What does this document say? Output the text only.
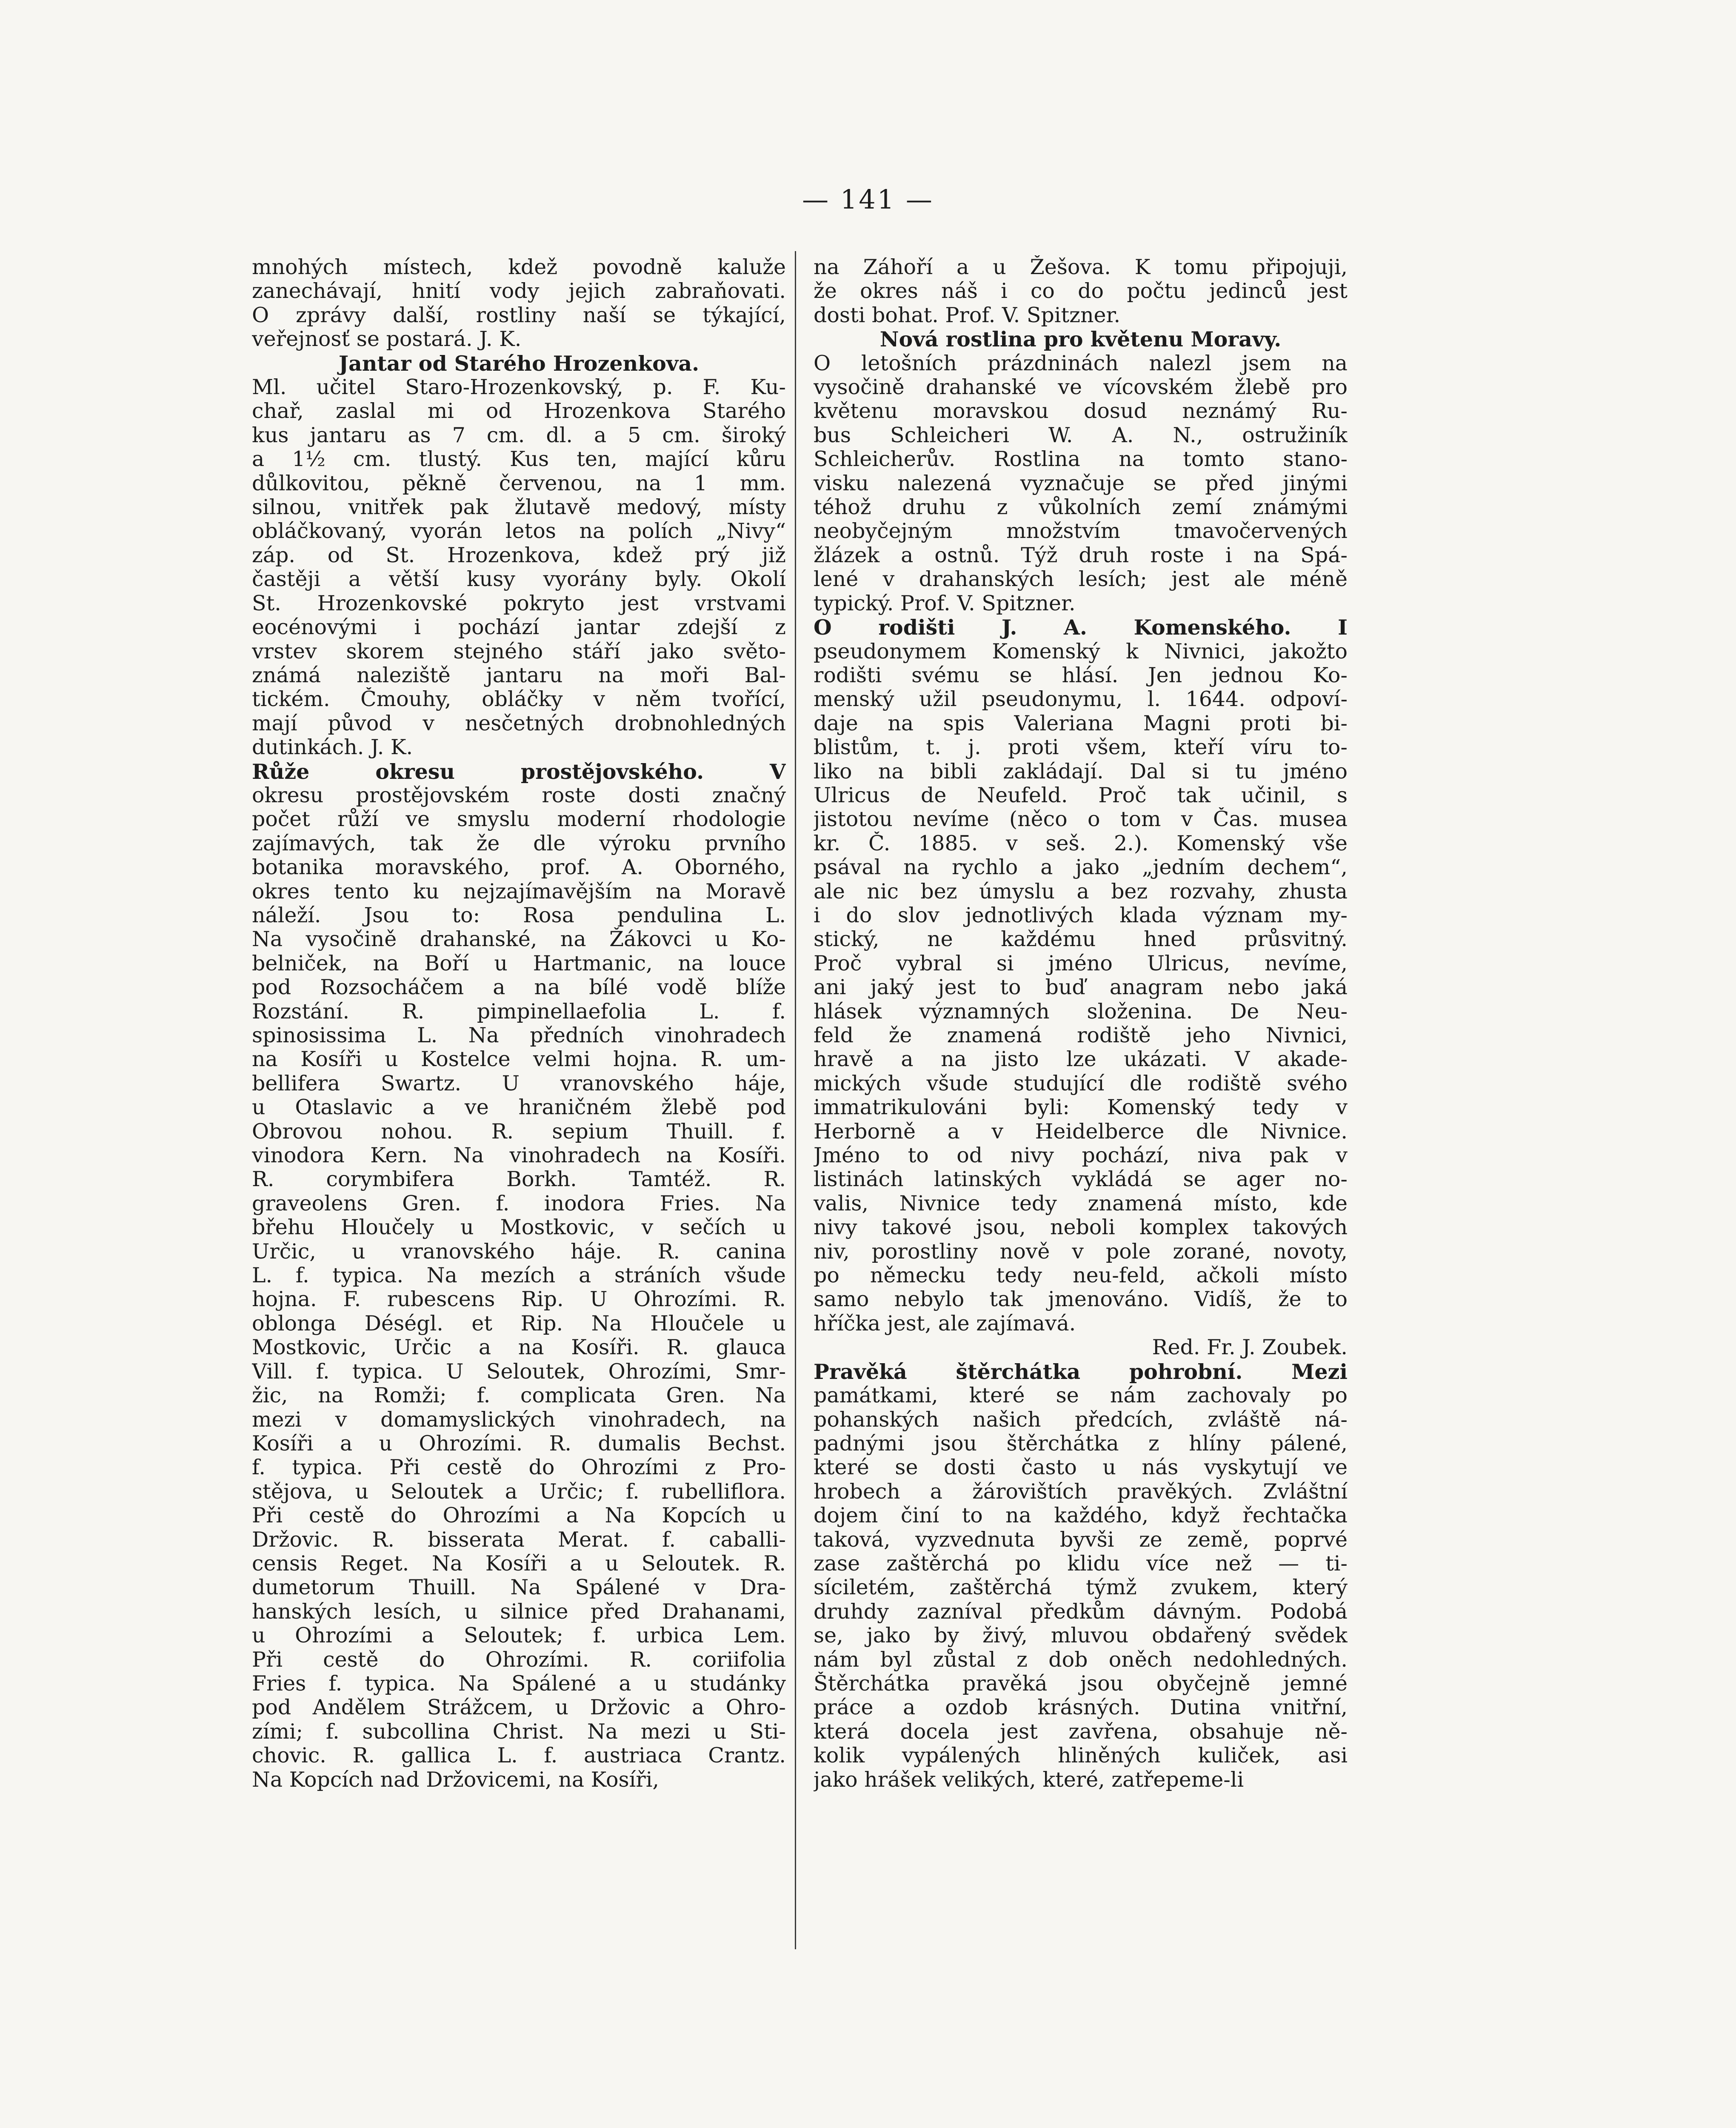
— 141 —
mnohých místech, kdež povodně kaluže
zanechávají, hnití vody jejich zabraňovati.
O zprávy další, rostliny naší se týkající,
veřejnosť se postará. J. K.
Jantar od Starého Hrozenkova.
Ml. učitel Staro-Hrozenkovský, p. F. Ku-
chař, zaslal mi od Hrozenkova Starého
kus jantaru as 7 cm. dl. a 5 cm. široký
a 1½ cm. tlustý. Kus ten, mající kůru
důlkovitou, pěkně červenou, na 1 mm.
silnou, vnitřek pak žlutavě medový, místy
obláčkovaný, vyorán letos na polích „Nivy“
záp. od St. Hrozenkova, kdež prý již
častěji a větší kusy vyorány byly. Okolí
St. Hrozenkovské pokryto jest vrstvami
eocénovými i pochází jantar zdejší z
vrstev skorem stejného stáří jako světo-
známá naleziště jantaru na moři Bal-
tickém. Čmouhy, obláčky v něm tvořící,
mají původ v nesčetných drobnohledných
dutinkách. J. K.
Růže okresu prostějovského. V
okresu prostějovském roste dosti značný
počet růží ve smyslu moderní rhodologie
zajímavých, tak že dle výroku prvního
botanika moravského, prof. A. Oborného,
okres tento ku nejzajímavějším na Moravě
náleží. Jsou to: Rosa pendulina L.
Na vysočině drahanské, na Žákovci u Ko-
belniček, na Boří u Hartmanic, na louce
pod Rozsocháčem a na bílé vodě blíže
Rozstání. R. pimpinellaefolia L. f.
spinosissima L. Na předních vinohradech
na Kosíři u Kostelce velmi hojna. R. um-
bellifera Swartz. U vranovského háje,
u Otaslavic a ve hraničném žlebě pod
Obrovou nohou. R. sepium Thuill. f.
vinodora Kern. Na vinohradech na Kosíři.
R. corymbifera Borkh. Tamtéž. R.
graveolens Gren. f. inodora Fries. Na
břehu Hloučely u Mostkovic, v sečích u
Určic, u vranovského háje. R. canina
L. f. typica. Na mezích a stráních všude
hojna. F. rubescens Rip. U Ohrozími. R.
oblonga Déségl. et Rip. Na Hloučele u
Mostkovic, Určic a na Kosíři. R. glauca
Vill. f. typica. U Seloutek, Ohrozími, Smr-
žic, na Romži; f. complicata Gren. Na
mezi v domamyslických vinohradech, na
Kosíři a u Ohrozími. R. dumalis Bechst.
f. typica. Při cestě do Ohrozími z Pro-
stějova, u Seloutek a Určic; f. rubelliflora.
Při cestě do Ohrozími a Na Kopcích u
Držovic. R. bisserata Merat. f. caballi-
censis Reget. Na Kosíři a u Seloutek. R.
dumetorum Thuill. Na Spálené v Dra-
hanských lesích, u silnice před Drahanami,
u Ohrozími a Seloutek; f. urbica Lem.
Při cestě do Ohrozími. R. coriifolia
Fries f. typica. Na Spálené a u studánky
pod Andělem Strážcem, u Držovic a Ohro-
zími; f. subcollina Christ. Na mezi u Sti-
chovic. R. gallica L. f. austriaca Crantz.
Na Kopcích nad Držovicemi, na Kosíři,
na Záhoří a u Žešova. K tomu připojuji,
že okres náš i co do počtu jedinců jest
dosti bohat. Prof. V. Spitzner.
Nová rostlina pro květenu Moravy.
O letošních prázdninách nalezl jsem na
vysočině drahanské ve vícovském žlebě pro
květenu moravskou dosud neznámý Ru-
bus Schleicheri W. A. N., ostružiník
Schleicherův. Rostlina na tomto stano-
visku nalezená vyznačuje se před jinými
téhož druhu z vůkolních zemí známými
neobyčejným množstvím tmavočervených
žlázek a ostnů. Týž druh roste i na Spá-
lené v drahanských lesích; jest ale méně
typický. Prof. V. Spitzner.
O rodišti J. A. Komenského. I
pseudonymem Komenský k Nivnici, jakožto
rodišti svému se hlásí. Jen jednou Ko-
menský užil pseudonymu, l. 1644. odpoví-
daje na spis Valeriana Magni proti bi-
blistům, t. j. proti všem, kteří víru to-
liko na bibli zakládají. Dal si tu jméno
Ulricus de Neufeld. Proč tak učinil, s
jistotou nevíme (něco o tom v Čas. musea
kr. Č. 1885. v seš. 2.). Komenský vše
psával na rychlo a jako „jedním dechem“,
ale nic bez úmyslu a bez rozvahy, zhusta
i do slov jednotlivých klada význam my-
stický, ne každému hned průsvitný.
Proč vybral si jméno Ulricus, nevíme,
ani jaký jest to buď anagram nebo jaká
hlásek významných složenina. De Neu-
feld že znamená rodiště jeho Nivnici,
hravě a na jisto lze ukázati. V akade-
mických všude studující dle rodiště svého
immatrikulováni byli: Komenský tedy v
Herborně a v Heidelberce dle Nivnice.
Jméno to od nivy pochází, niva pak v
listinách latinských vykládá se ager no-
valis, Nivnice tedy znamená místo, kde
nivy takové jsou, neboli komplex takových
niv, porostliny nově v pole zorané, novoty,
po německu tedy neu-feld, ačkoli místo
samo nebylo tak jmenováno. Vidíš, že to
hříčka jest, ale zajímavá.
Red. Fr. J. Zoubek.
Pravěká štěrchátka pohrobní. Mezi
památkami, které se nám zachovaly po
pohanských našich předcích, zvláště ná-
padnými jsou štěrchátka z hlíny pálené,
které se dosti často u nás vyskytují ve
hrobech a žárovištích pravěkých. Zvláštní
dojem činí to na každého, když řechtačka
taková, vyzvednuta byvši ze země, poprvé
zase zaštěrchá po klidu více než — ti-
síciletém, zaštěrchá týmž zvukem, který
druhdy zazníval předkům dávným. Podobá
se, jako by živý, mluvou obdařený svědek
nám byl zůstal z dob oněch nedohledných.
Štěrchátka pravěká jsou obyčejně jemné
práce a ozdob krásných. Dutina vnitřní,
která docela jest zavřena, obsahuje ně-
kolik vypálených hliněných kuliček, asi
jako hrášek velikých, které, zatřepeme-li
